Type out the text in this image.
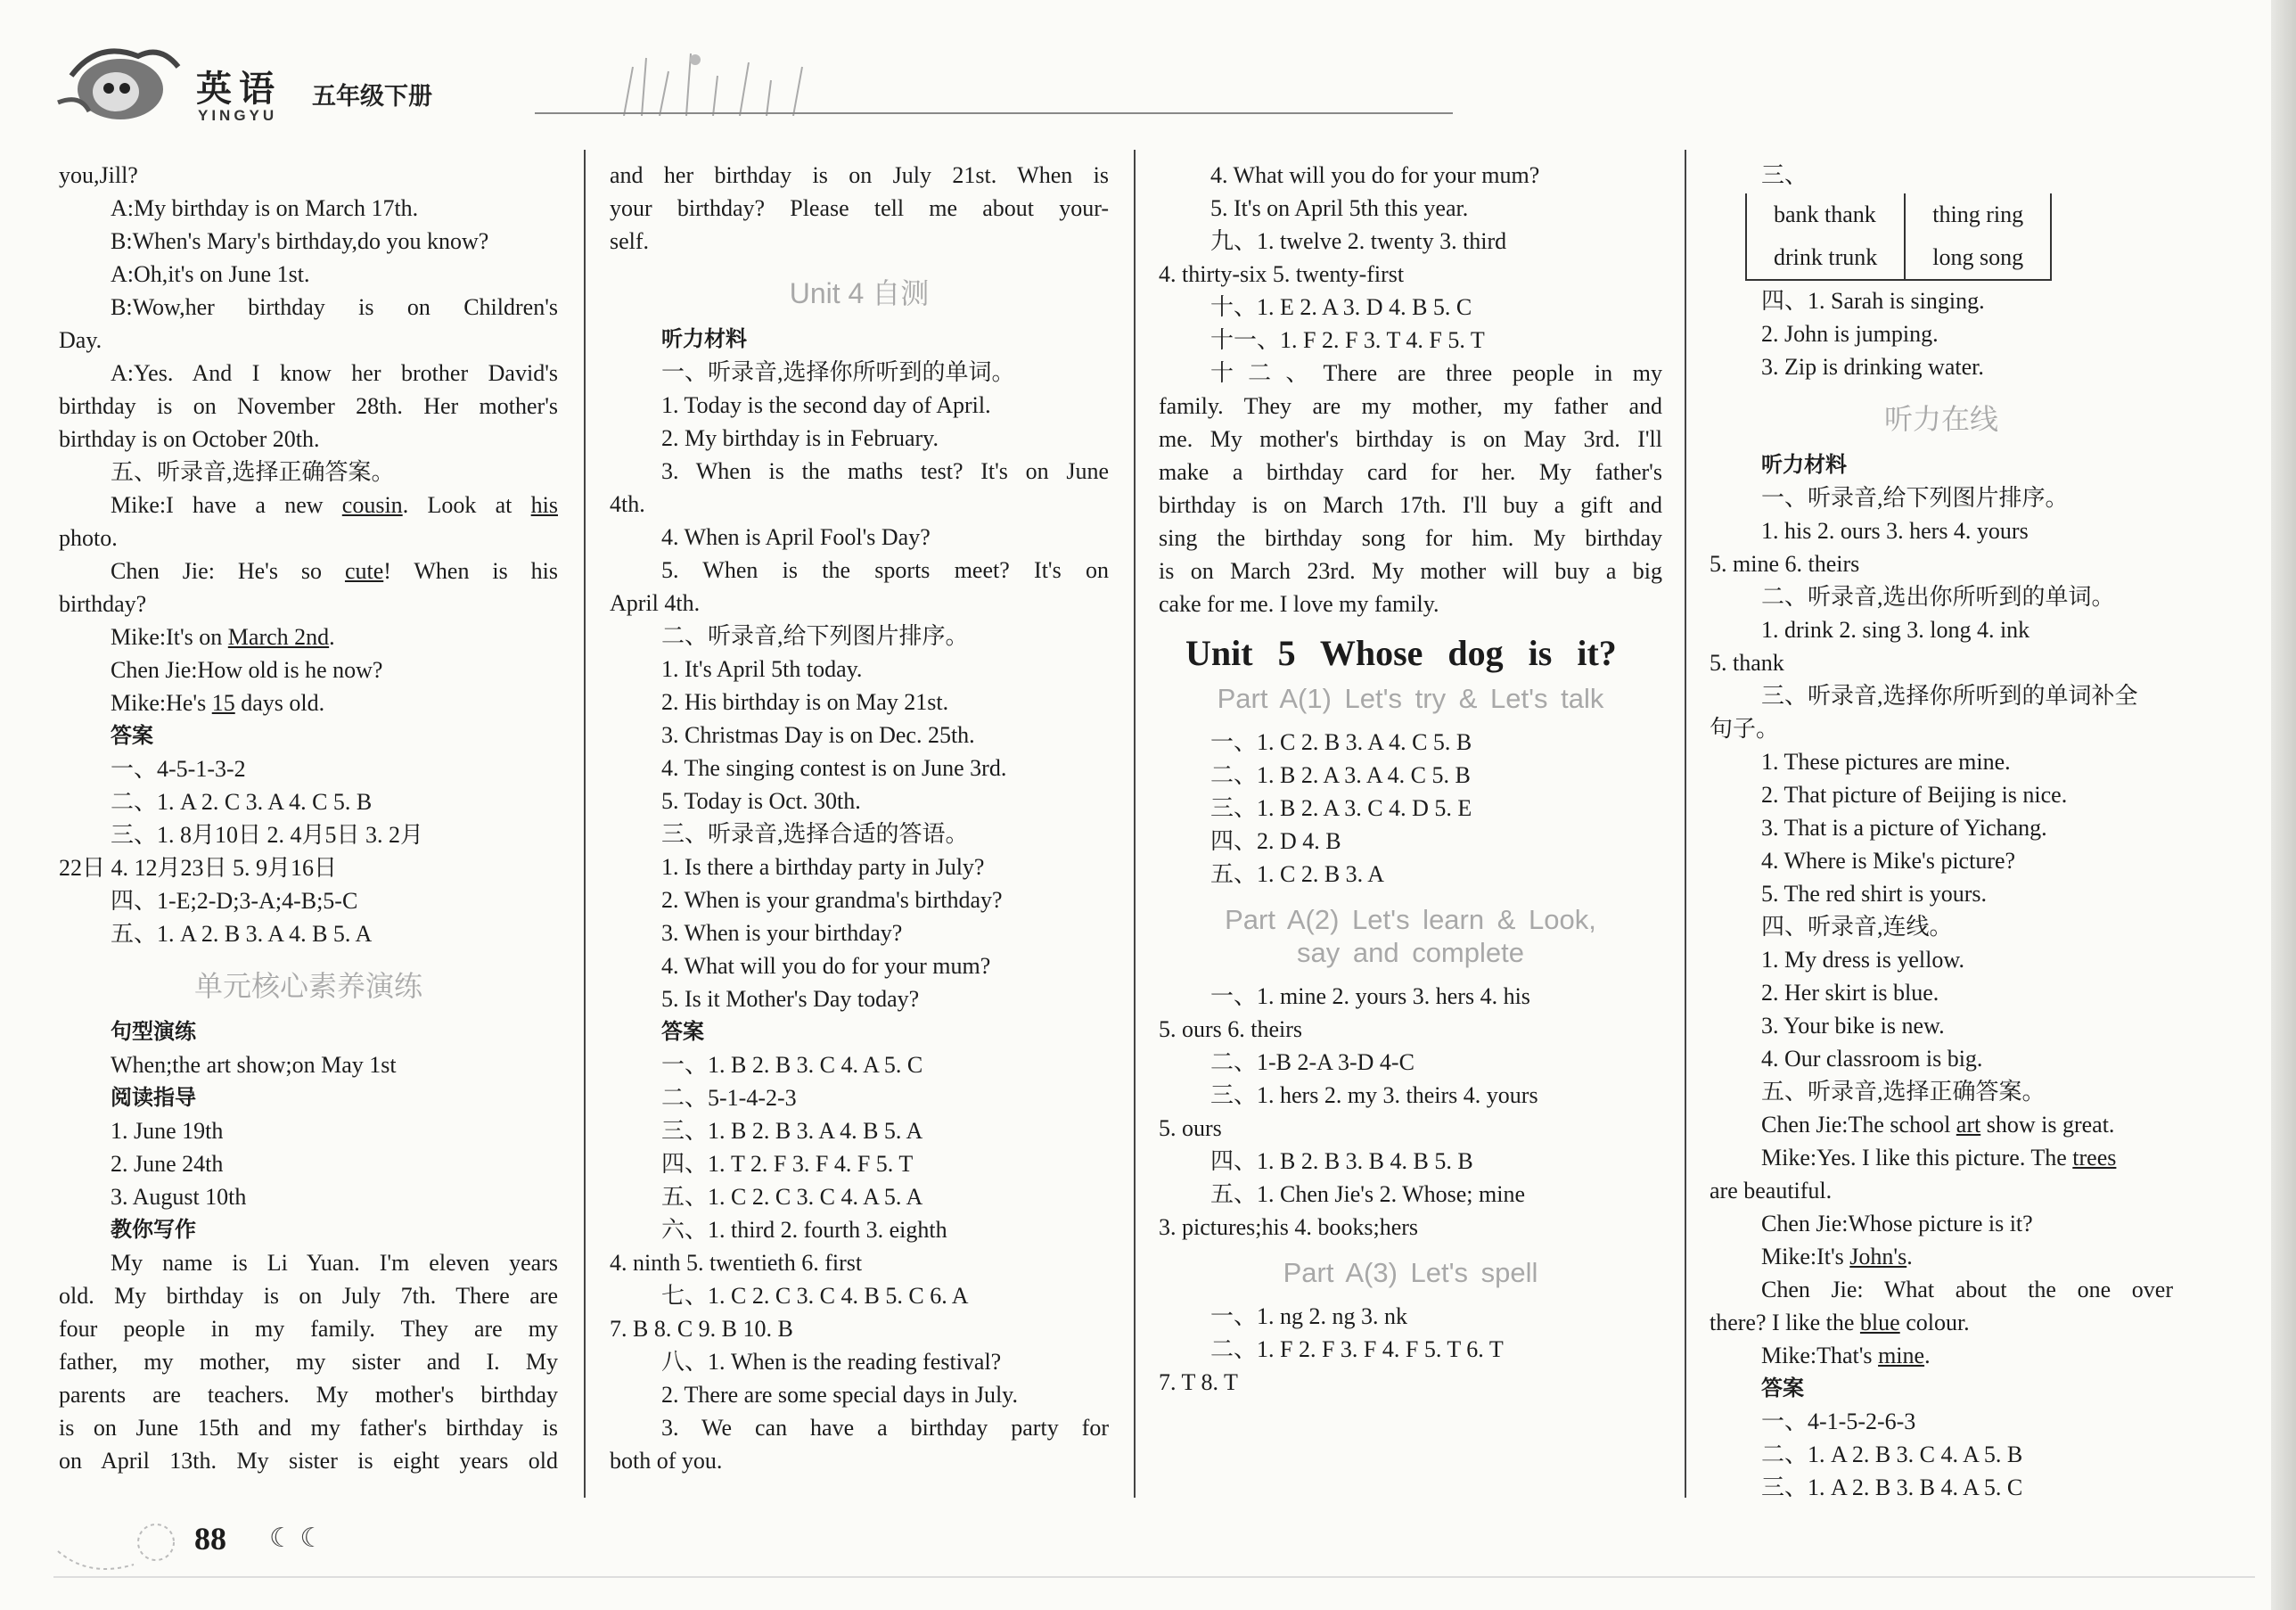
英语
YINGYU
五年级下册
you,Jill?
A:My birthday is on March 17th.
B:When's Mary's birthday,do you know?
A:Oh,it's on June 1st.
B:Wow,her birthday is on Children's
Day.
A:Yes. And I know her brother David's
birthday is on November 28th. Her mother's
birthday is on October 20th.
五、听录音,选择正确答案。
Mike:I have a new cousin. Look at his
photo.
Chen Jie: He's so cute! When is his
birthday?
Mike:It's on March 2nd.
Chen Jie:How old is he now?
Mike:He's 15 days old.
答案
一、4-5-1-3-2
二、1. A 2. C 3. A 4. C 5. B
三、1. 8月10日 2. 4月5日 3. 2月
22日 4. 12月23日 5. 9月16日
四、1-E;2-D;3-A;4-B;5-C
五、1. A 2. B 3. A 4. B 5. A
单元核心素养演练
句型演练
When;the art show;on May 1st
阅读指导
1. June 19th
2. June 24th
3. August 10th
教你写作
My name is Li Yuan. I'm eleven years
old. My birthday is on July 7th. There are
four people in my family. They are my
father, my mother, my sister and I. My
parents are teachers. My mother's birthday
is on June 15th and my father's birthday is
on April 13th. My sister is eight years old
and her birthday is on July 21st. When is
your birthday? Please tell me about your-
self.
Unit 4 自测
听力材料
一、听录音,选择你所听到的单词。
1. Today is the second day of April.
2. My birthday is in February.
3. When is the maths test? It's on June
4th.
4. When is April Fool's Day?
5. When is the sports meet? It's on
April 4th.
二、听录音,给下列图片排序。
1. It's April 5th today.
2. His birthday is on May 21st.
3. Christmas Day is on Dec. 25th.
4. The singing contest is on June 3rd.
5. Today is Oct. 30th.
三、听录音,选择合适的答语。
1. Is there a birthday party in July?
2. When is your grandma's birthday?
3. When is your birthday?
4. What will you do for your mum?
5. Is it Mother's Day today?
答案
一、1. B 2. B 3. C 4. A 5. C
二、5-1-4-2-3
三、1. B 2. B 3. A 4. B 5. A
四、1. T 2. F 3. F 4. F 5. T
五、1. C 2. C 3. C 4. A 5. A
六、1. third 2. fourth 3. eighth
4. ninth 5. twentieth 6. first
七、1. C 2. C 3. C 4. B 5. C 6. A
7. B 8. C 9. B 10. B
八、1. When is the reading festival?
2. There are some special days in July.
3. We can have a birthday party for
both of you.
4. What will you do for your mum?
5. It's on April 5th this year.
九、1. twelve 2. twenty 3. third
4. thirty-six 5. twenty-first
十、1. E 2. A 3. D 4. B 5. C
十一、1. F 2. F 3. T 4. F 5. T
十二、There are three people in my
family. They are my mother, my father and
me. My mother's birthday is on May 3rd. I'll
make a birthday card for her. My father's
birthday is on March 17th. I'll buy a gift and
sing the birthday song for him. My birthday
is on March 23rd. My mother will buy a big
cake for me. I love my family.
Unit 5 Whose dog is it?
Part A(1) Let's try & Let's talk
一、1. C 2. B 3. A 4. C 5. B
二、1. B 2. A 3. A 4. C 5. B
三、1. B 2. A 3. C 4. D 5. E
四、2. D 4. B
五、1. C 2. B 3. A
Part A(2) Let's learn & Look,
say and complete
一、1. mine 2. yours 3. hers 4. his
5. ours 6. theirs
二、1-B 2-A 3-D 4-C
三、1. hers 2. my 3. theirs 4. yours
5. ours
四、1. B 2. B 3. B 4. B 5. B
五、1. Chen Jie's 2. Whose; mine
3. pictures;his 4. books;hers
Part A(3) Let's spell
一、1. ng 2. ng 3. nk
二、1. F 2. F 3. F 4. F 5. T 6. T
7. T 8. T
三、
bank thank	thing ring
drink trunk	long song
四、1. Sarah is singing.
2. John is jumping.
3. Zip is drinking water.
听力在线
听力材料
一、听录音,给下列图片排序。
1. his 2. ours 3. hers 4. yours
5. mine 6. theirs
二、听录音,选出你所听到的单词。
1. drink 2. sing 3. long 4. ink
5. thank
三、听录音,选择你所听到的单词补全
句子。
1. These pictures are mine.
2. That picture of Beijing is nice.
3. That is a picture of Yichang.
4. Where is Mike's picture?
5. The red shirt is yours.
四、听录音,连线。
1. My dress is yellow.
2. Her skirt is blue.
3. Your bike is new.
4. Our classroom is big.
五、听录音,选择正确答案。
Chen Jie:The school art show is great.
Mike:Yes. I like this picture. The trees
are beautiful.
Chen Jie:Whose picture is it?
Mike:It's John's.
Chen Jie: What about the one over
there? I like the blue colour.
Mike:That's mine.
答案
一、4-1-5-2-6-3
二、1. A 2. B 3. C 4. A 5. B
三、1. A 2. B 3. B 4. A 5. C
88 ☾ ☾
